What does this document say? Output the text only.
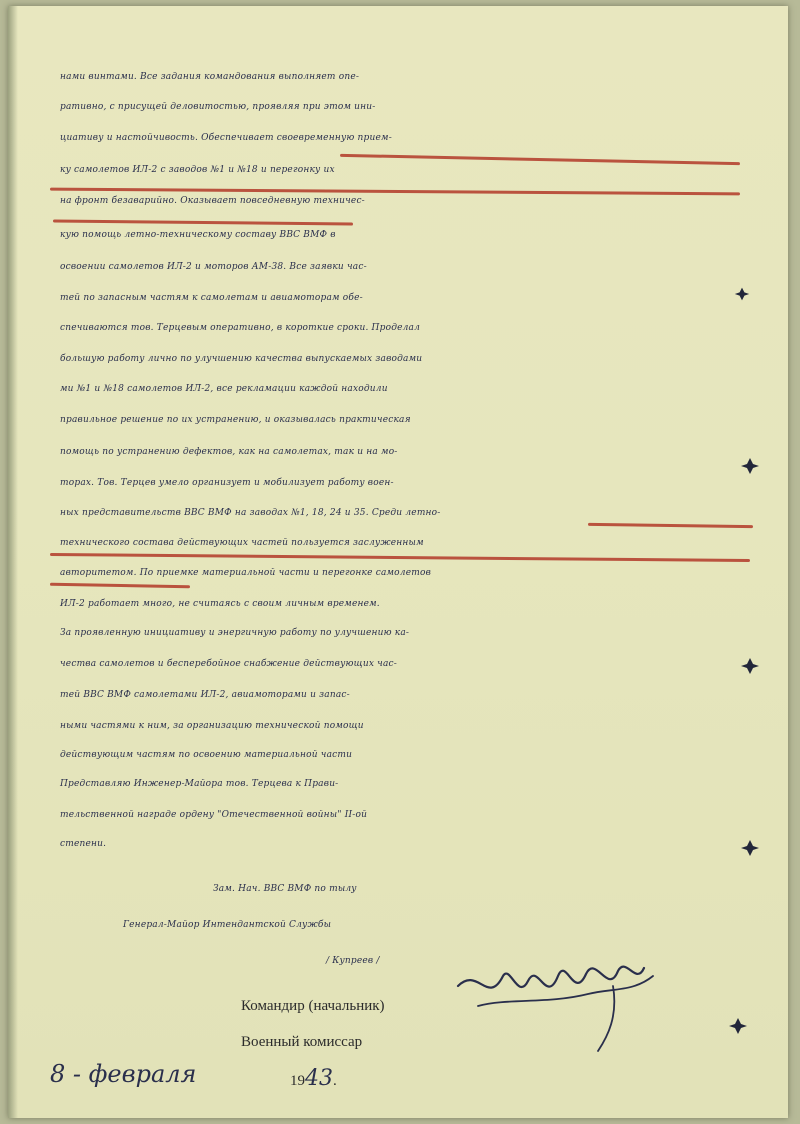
нами винтами. Все задания командования выполняет опе-
ративно, с присущей деловитостью, проявляя при этом ини-
циативу и настойчивость. Обеспечивает своевременную прием-
ку самолетов ИЛ-2 с заводов №1 и №18 и перегонку их
на фронт безаварийно. Оказывает повседневную техничес-
кую помощь летно-техническому составу ВВС ВМФ в
освоении самолетов ИЛ-2 и моторов АМ-38. Все заявки час-
тей по запасным частям к самолетам и авиамоторам обе-
спечиваются тов. Терцевым оперативно, в короткие сроки. Проделал
большую работу лично по улучшению качества выпускаемых заводами
ми №1 и №18 самолетов ИЛ-2, все рекламации каждой находили
правильное решение по их устранению, и оказывалась практическая
помощь по устранению дефектов, как на самолетах, так и на мо-
торах. Тов. Терцев умело организует и мобилизует работу воен-
ных представительств ВВС ВМФ на заводах №1, 18, 24 и 35. Среди летно-
технического состава действующих частей пользуется заслуженным
авторитетом. По приемке материальной части и перегонке самолетов
ИЛ-2 работает много, не считаясь с своим личным временем.
За проявленную инициативу и энергичную работу по улучшению ка-
чества самолетов и бесперебойное снабжение действующих час-
тей ВВС ВМФ самолетами ИЛ-2, авиамоторами и запас-
ными частями к ним, за организацию технической помощи
действующим частям по освоению материальной части
Представляю Инженер-Майора тов. Терцева к Прави-
тельственной награде ордену "Отечественной войны" II-ой
степени.
Зам. Нач. ВВС ВМФ по тылу
Генерал-Майор Интендантской Службы
/ Купреев /
Командир (начальник)
Военный комиссар
8 - февраля	1943.
